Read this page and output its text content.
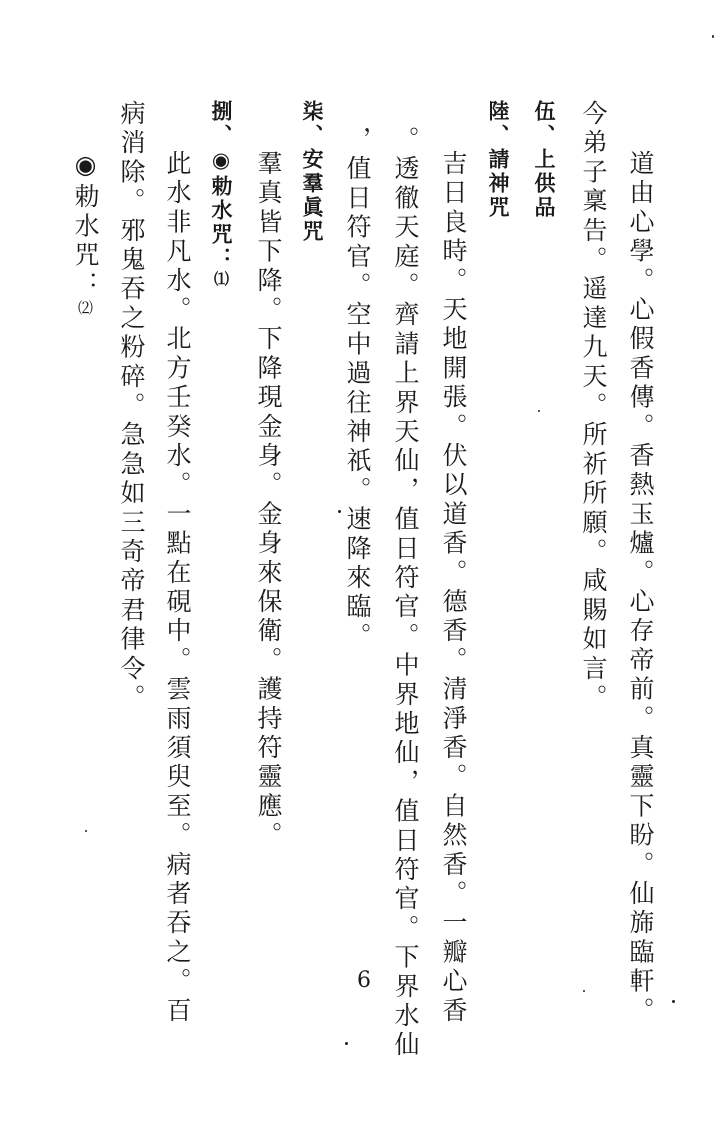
道由心學。心假香傳。香熱玉爐。心存帝前。真靈下盼。仙旆臨軒。
今弟子稟告。遥達九天。所祈所願。咸賜如言。
伍、上供品
陸、請神咒
吉日良時。天地開張。伏以道香。德香。清淨香。自然香。一瓣心香
。透徹天庭。齊請上界天仙，值日符官。中界地仙，值日符官。下界水仙
，值日符官。空中過往神祇。速降來臨。
柒、安羣眞咒
羣真皆下降。下降現金身。金身來保衛。護持符靈應。
捌、◉勅水咒：⑴
此水非凡水。北方壬癸水。一點在硯中。雲雨須臾至。病者吞之。百
病消除。邪鬼吞之粉碎。急急如三奇帝君律令。
◉勅水咒：⑵
6
